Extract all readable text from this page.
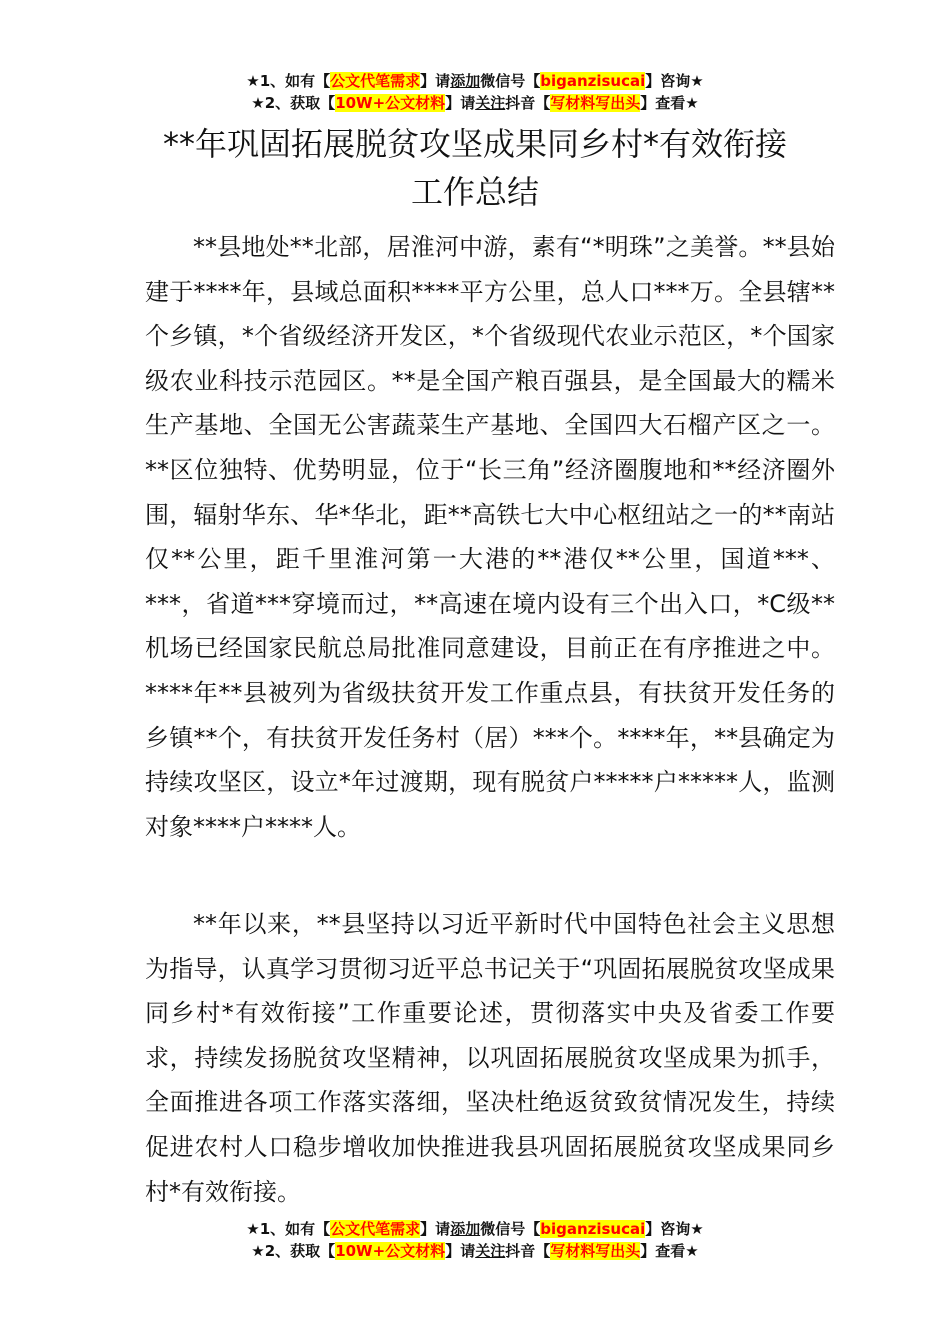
★1、如有【公文代笔需求】请添加微信号【biganzisucai】咨询★
★2、获取【10W+公文材料】请关注抖音【写材料写出头】查看★
**年巩固拓展脱贫攻坚成果同乡村*有效衔接
工作总结

**县地处**北部，居淮河中游，素有“*明珠”之美誉。**县始建于****年，县域总面积****平方公里，总人口***万。全县辖**个乡镇，*个省级经济开发区，*个省级现代农业示范区，*个国家级农业科技示范园区。**是全国产粮百强县，是全国最大的糯米生产基地、全国无公害蔬菜生产基地、全国四大石榴产区之一。**区位独特、优势明显，位于“长三角”经济圈腹地和**经济圈外围，辐射华东、华*华北，距**高铁七大中心枢纽站之一的**南站仅**公里，距千里淮河第一大港的**港仅**公里，国道***、***，省道***穿境而过，**高速在境内设有三个出入口，*C级**机场已经国家民航总局批准同意建设，目前正在有序推进之中。****年**县被列为省级扶贫开发工作重点县，有扶贫开发任务的乡镇**个，有扶贫开发任务村（居）***个。****年，**县确定为持续攻坚区，设立*年过渡期，现有脱贫户*****户*****人，监测对象****户****人。

**年以来，**县坚持以习近平新时代中国特色社会主义思想为指导，认真学习贯彻习近平总书记关于“巩固拓展脱贫攻坚成果同乡村*有效衔接”工作重要论述，贯彻落实中央及省委工作要求，持续发扬脱贫攻坚精神，以巩固拓展脱贫攻坚成果为抓手，全面推进各项工作落实落细，坚决杜绝返贫致贫情况发生，持续促进农村人口稳步增收加快推进我县巩固拓展脱贫攻坚成果同乡村*有效衔接。

★1、如有【公文代笔需求】请添加微信号【biganzisucai】咨询★
★2、获取【10W+公文材料】请关注抖音【写材料写出头】查看★
